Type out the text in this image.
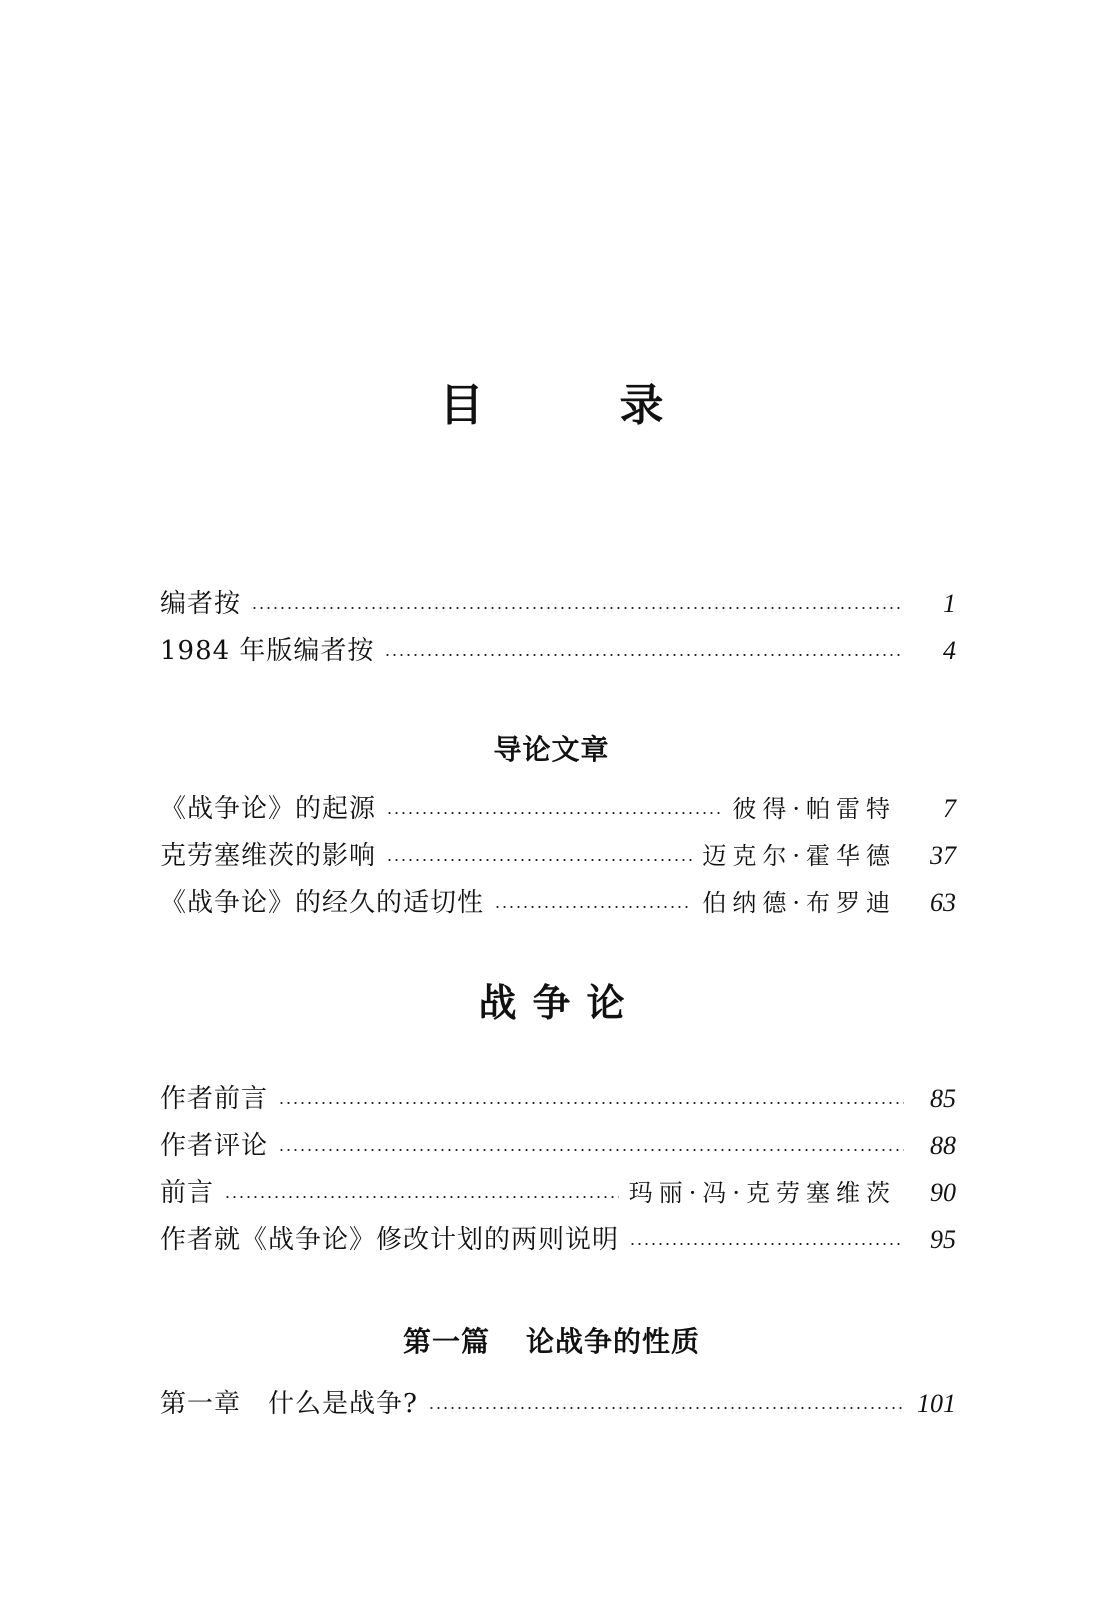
目　录
编者按	1
1984 年版编者按	4
导论文章
《战争论》的起源	彼得·帕雷特	7
克劳塞维茨的影响	迈克尔·霍华德	37
《战争论》的经久的适切性	伯纳德·布罗迪	63
战争论
作者前言	85
作者评论	88
前言	玛丽·冯·克劳塞维茨	90
作者就《战争论》修改计划的两则说明	95
第一篇 论战争的性质
第一章　什么是战争?	101
